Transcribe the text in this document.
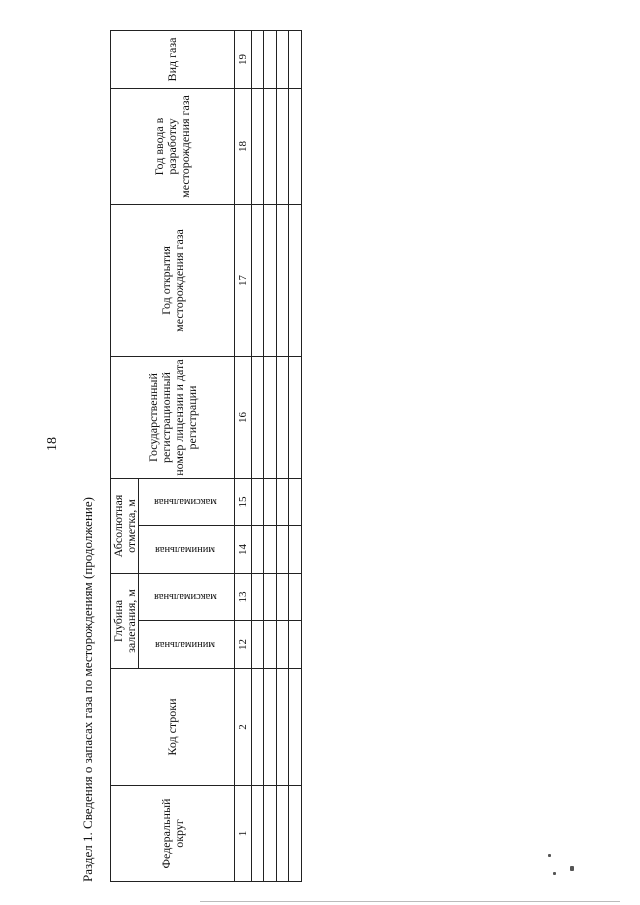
18
Раздел 1. Сведения о запасах газа по месторождениям (продолжение)	Федеральный округ	Код строки	Глубина залегания, м		Абсолютная отметка, м		Государственный регистрационный номер лицензии и дата регистрации	Год открытия месторождения газа	Год ввода в разработку месторождения газа	Вид газа
		минимальная	максимальная	минимальная	максимальная				
1	2	12	13	14	15	16	17	18	19
